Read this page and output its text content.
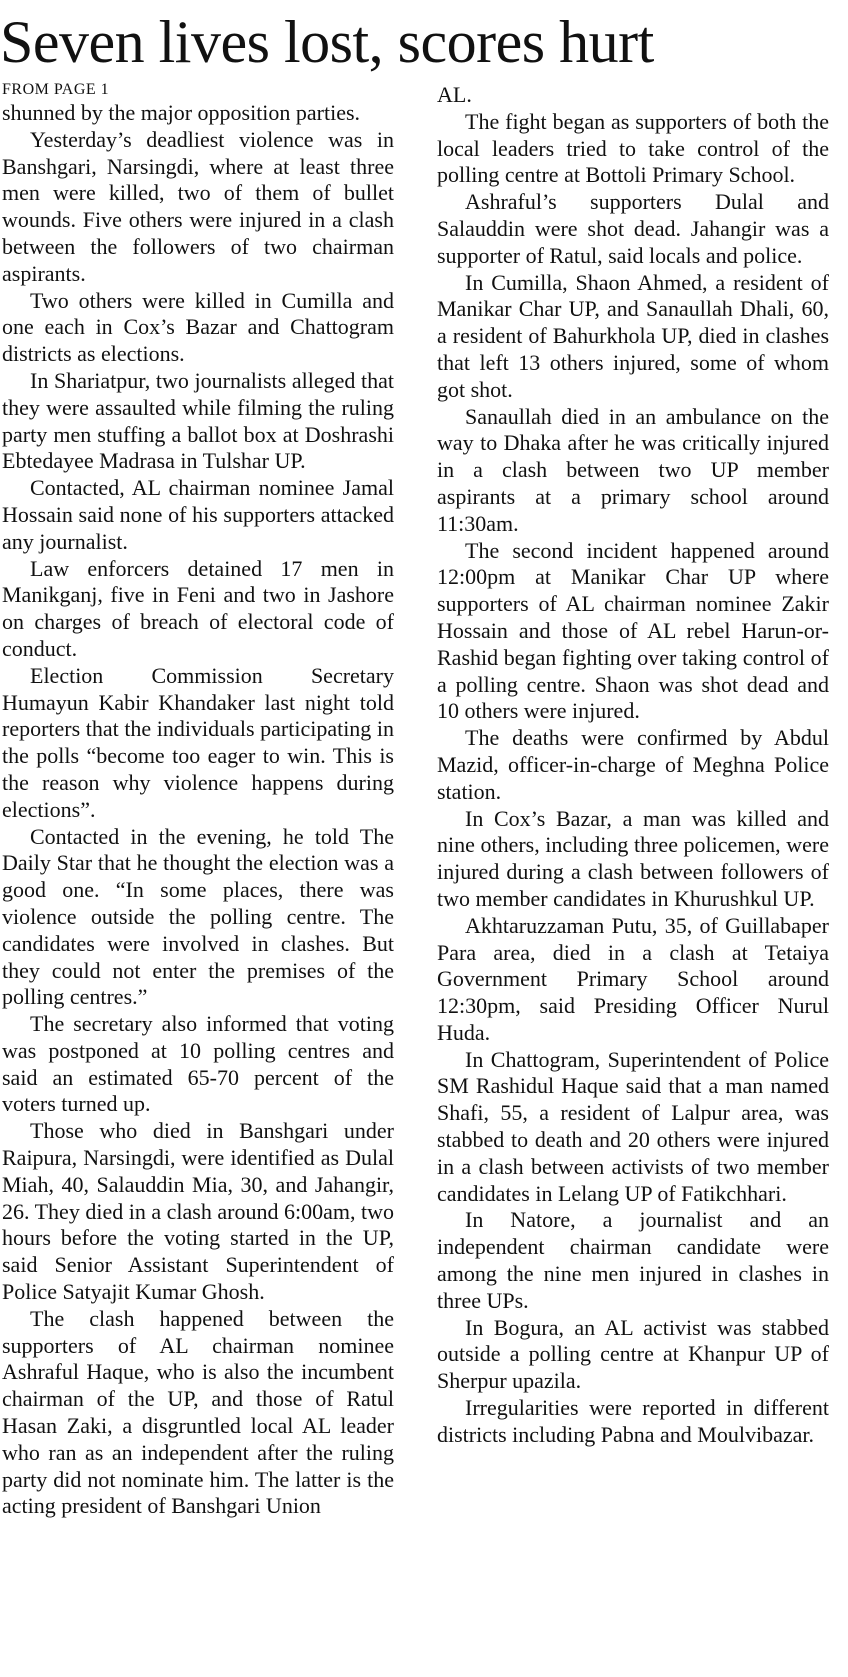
Seven lives lost, scores hurt

FROM PAGE 1

shunned by the major opposition parties.

Yesterday’s deadliest violence was in Banshgari, Narsingdi, where at least three men were killed, two of them of bullet wounds. Five others were injured in a clash between the followers of two chairman aspirants.

Two others were killed in Cumilla and one each in Cox’s Bazar and Chattogram districts as elections.

In Shariatpur, two journalists alleged that they were assaulted while filming the ruling party men stuffing a ballot box at Doshrashi Ebtedayee Madrasa in Tulshar UP.

Contacted, AL chairman nominee Jamal Hossain said none of his supporters attacked any journalist.

Law enforcers detained 17 men in Manikganj, five in Feni and two in Jashore on charges of breach of electoral code of conduct.

Election Commission Secretary Humayun Kabir Khandaker last night told reporters that the individuals participating in the polls “become too eager to win. This is the reason why violence happens during elections”.

Contacted in the evening, he told The Daily Star that he thought the election was a good one. “In some places, there was violence outside the polling centre. The candidates were involved in clashes. But they could not enter the premises of the polling centres.”

The secretary also informed that voting was postponed at 10 polling centres and said an estimated 65-70 percent of the voters turned up.

Those who died in Banshgari under Raipura, Narsingdi, were identified as Dulal Miah, 40, Salauddin Mia, 30, and Jahangir, 26. They died in a clash around 6:00am, two hours before the voting started in the UP, said Senior Assistant Superintendent of Police Satyajit Kumar Ghosh.

The clash happened between the supporters of AL chairman nominee Ashraful Haque, who is also the incumbent chairman of the UP, and those of Ratul Hasan Zaki, a disgruntled local AL leader who ran as an independent after the ruling party did not nominate him. The latter is the acting president of Banshgari Union

AL.

The fight began as supporters of both the local leaders tried to take control of the polling centre at Bottoli Primary School.

Ashraful’s supporters Dulal and Salauddin were shot dead. Jahangir was a supporter of Ratul, said locals and police.

In Cumilla, Shaon Ahmed, a resident of Manikar Char UP, and Sanaullah Dhali, 60, a resident of Bahurkhola UP, died in clashes that left 13 others injured, some of whom got shot.

Sanaullah died in an ambulance on the way to Dhaka after he was critically injured in a clash between two UP member aspirants at a primary school around 11:30am.

The second incident happened around 12:00pm at Manikar Char UP where supporters of AL chairman nominee Zakir Hossain and those of AL rebel Harun-or-Rashid began fighting over taking control of a polling centre. Shaon was shot dead and 10 others were injured.

The deaths were confirmed by Abdul Mazid, officer-in-charge of Meghna Police station.

In Cox’s Bazar, a man was killed and nine others, including three policemen, were injured during a clash between followers of two member candidates in Khurushkul UP.

Akhtaruzzaman Putu, 35, of Guillabaper Para area, died in a clash at Tetaiya Government Primary School around 12:30pm, said Presiding Officer Nurul Huda.

In Chattogram, Superintendent of Police SM Rashidul Haque said that a man named Shafi, 55, a resident of Lalpur area, was stabbed to death and 20 others were injured in a clash between activists of two member candidates in Lelang UP of Fatikchhari.

In Natore, a journalist and an independent chairman candidate were among the nine men injured in clashes in three UPs.

In Bogura, an AL activist was stabbed outside a polling centre at Khanpur UP of Sherpur upazila.

Irregularities were reported in different districts including Pabna and Moulvibazar.
